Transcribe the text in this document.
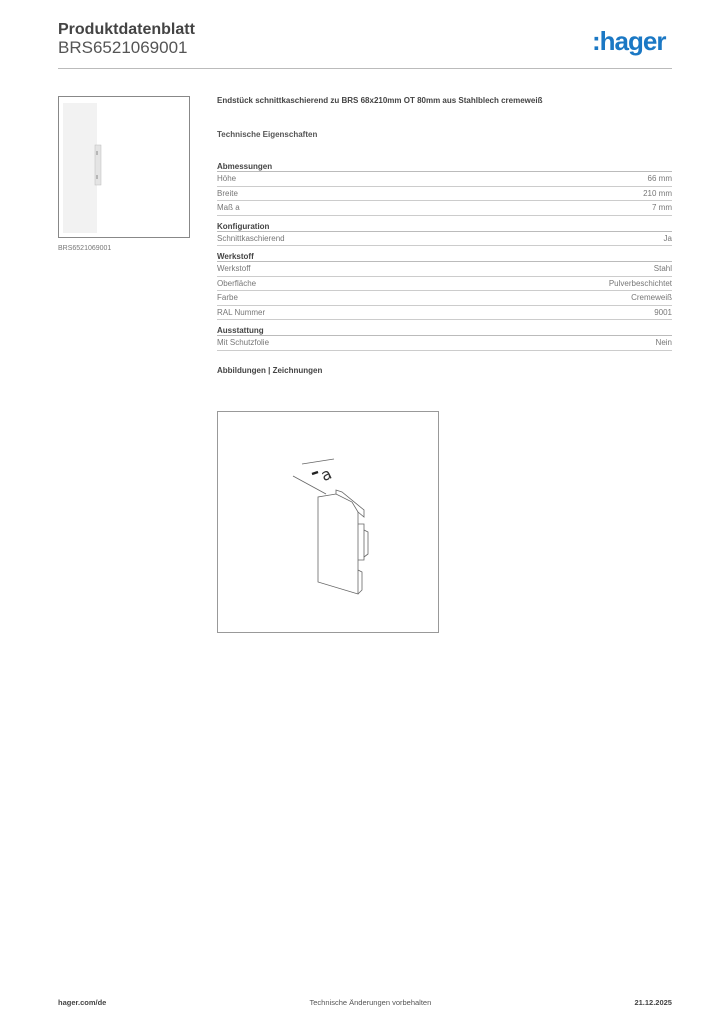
Produktdatenblatt
BRS6521069001	:hager
BRS6521069001
Endstück schnittkaschierend zu BRS 68x210mm OT 80mm aus Stahlblech cremeweiß
Technische Eigenschaften
Abmessungen
Höhe	66 mm
Breite	210 mm
Maß a	7 mm
Konfiguration
Schnittkaschierend	Ja
Werkstoff
Werkstoff	Stahl
Oberfläche	Pulverbeschichtet
Farbe	Cremeweiß
RAL Nummer	9001
Ausstattung
Mit Schutzfolie	Nein
Abbildungen | Zeichnungen
a
hager.com/de	Technische Änderungen vorbehalten	21.12.2025
